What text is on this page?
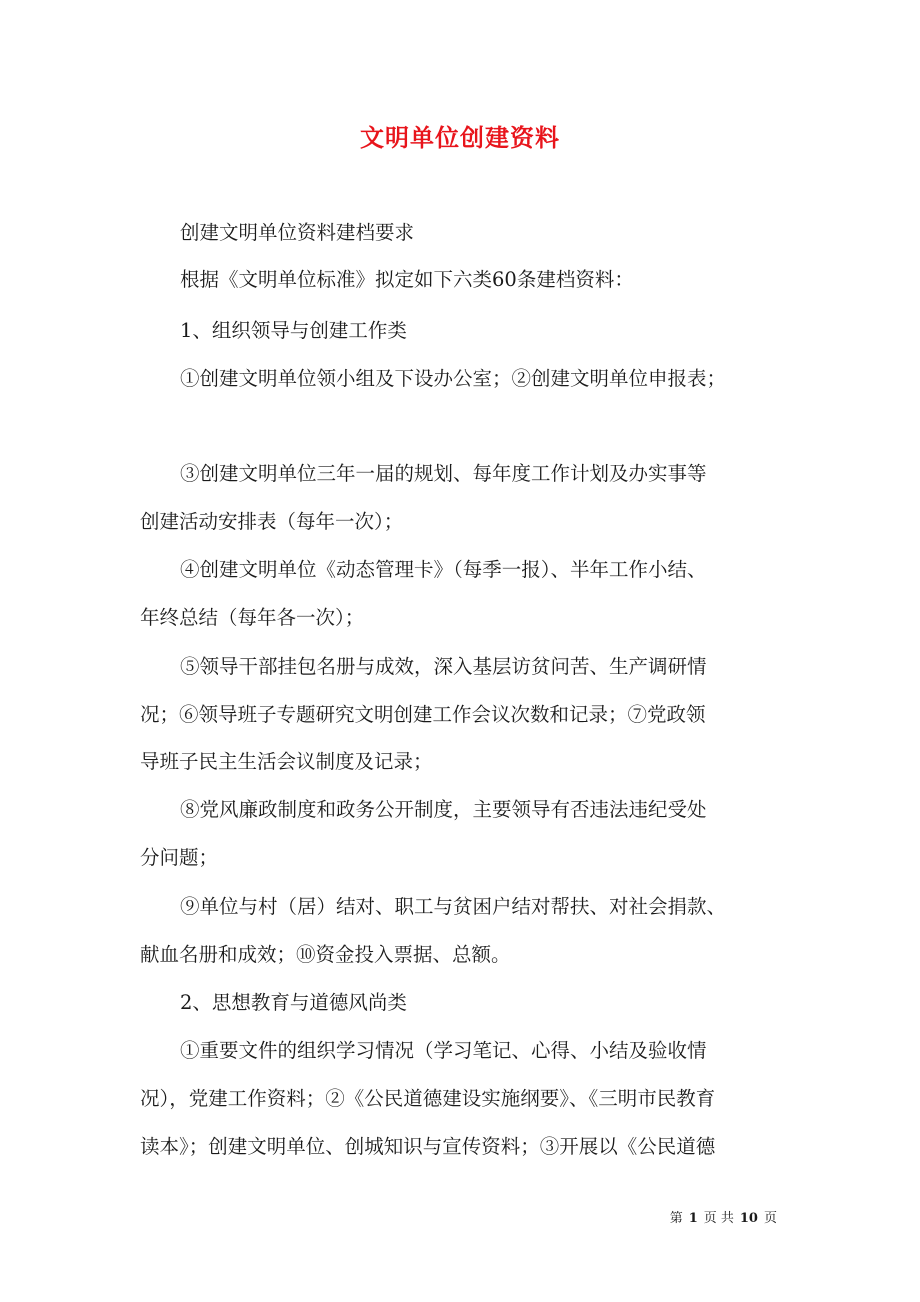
文明单位创建资料
创建文明单位资料建档要求
根据《文明单位标准》拟定如下六类60条建档资料：
1、组织领导与创建工作类
①创建文明单位领小组及下设办公室；②创建文明单位申报表；
③创建文明单位三年一届的规划、每年度工作计划及办实事等
创建活动安排表（每年一次）；
④创建文明单位《动态管理卡》（每季一报）、半年工作小结、
年终总结（每年各一次）；
⑤领导干部挂包名册与成效，深入基层访贫问苦、生产调研情
况；⑥领导班子专题研究文明创建工作会议次数和记录；⑦党政领
导班子民主生活会议制度及记录；
⑧党风廉政制度和政务公开制度，主要领导有否违法违纪受处
分问题；
⑨单位与村（居）结对、职工与贫困户结对帮扶、对社会捐款、
献血名册和成效；⑩资金投入票据、总额。
2、思想教育与道德风尚类
①重要文件的组织学习情况（学习笔记、心得、小结及验收情
况），党建工作资料；②《公民道德建设实施纲要》、《三明市民教育
读本》；创建文明单位、创城知识与宣传资料；③开展以《公民道德
第 1 页 共 10 页
